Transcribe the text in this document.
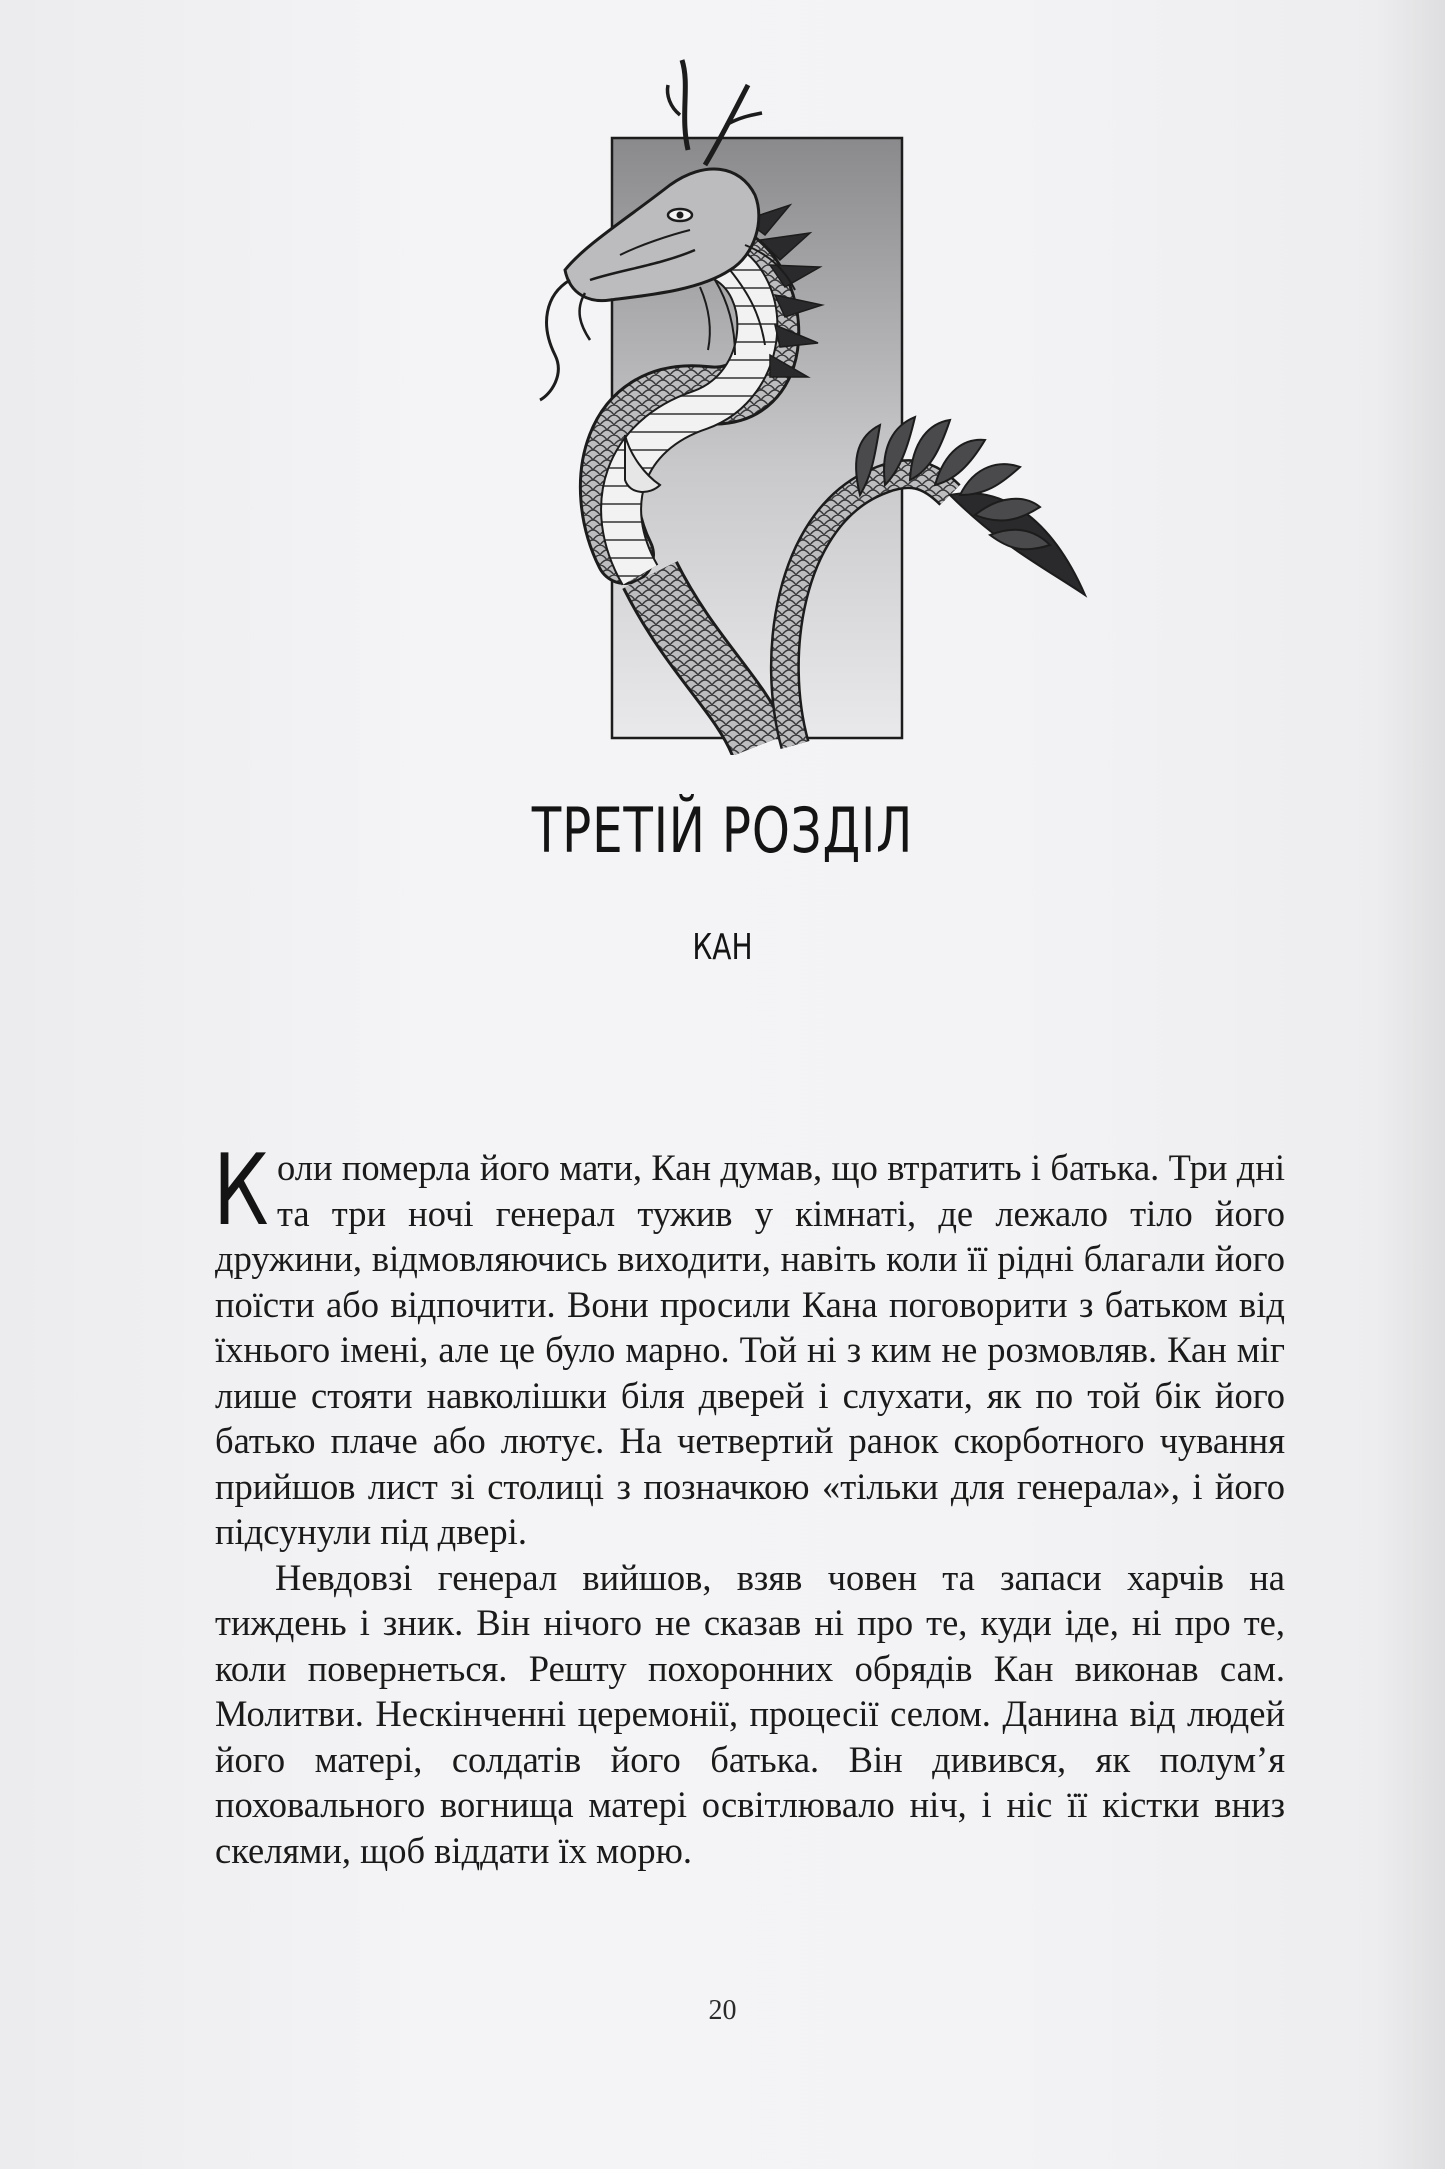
ТРЕТІЙ РОЗДІЛ
КАН

Коли померла його мати, Кан думав, що втратить і батька. Три дні та три ночі генерал тужив у кімнаті, де лежало тіло його дружини, відмовляючись виходити, навіть коли її рідні благали його поїсти або відпочити. Вони просили Кана поговорити з батьком від їхнього імені, але це було марно. Той ні з ким не розмовляв. Кан міг лише стояти навколішки біля дверей і слухати, як по той бік його батько плаче або лютує. На четвертий ранок скорботного чування прийшов лист зі столиці з позначкою «тільки для генерала», і його підсунули під двері.

Невдовзі генерал вийшов, взяв човен та запаси харчів на тиждень і зник. Він нічого не сказав ні про те, куди іде, ні про те, коли повернеться. Решту похоронних обрядів Кан виконав сам. Молитви. Нескінченні церемонії, процесії селом. Данина від людей його матері, солдатів його батька. Він дивився, як полум’я поховального вогнища матері освітлювало ніч, і ніс її кістки вниз скелями, щоб віддати їх морю.

20
